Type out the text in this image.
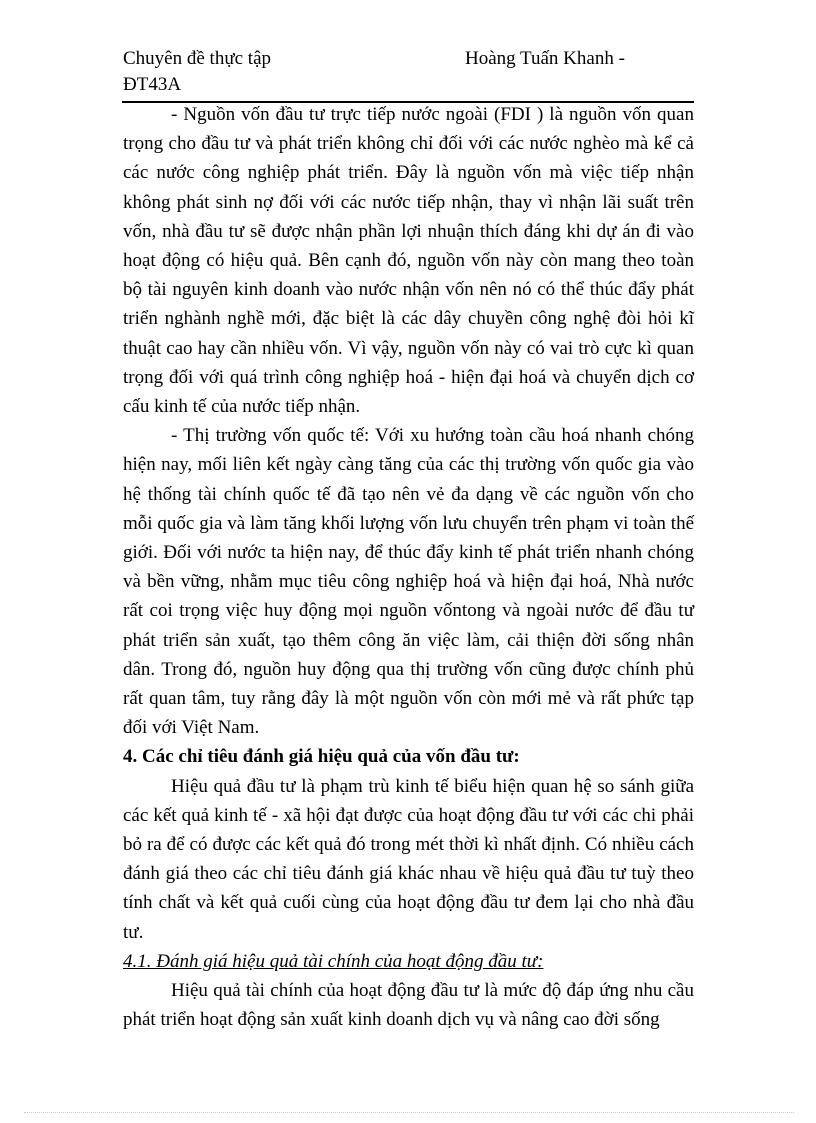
Chuyên đề thực tập	Hoàng Tuấn Khanh -
ĐT43A

- Nguồn vốn đầu tư trực tiếp nước ngoài (FDI ) là nguồn vốn quan trọng cho đầu tư và phát triển không chỉ đối với các nước nghèo mà kể cả các nước công nghiệp phát triển. Đây là nguồn vốn mà việc tiếp nhận không phát sinh nợ đối với các nước tiếp nhận, thay vì nhận lãi suất trên vốn, nhà đầu tư sẽ được nhận phần lợi nhuận thích đáng khi dự án đi vào hoạt động có hiệu quả. Bên cạnh đó, nguồn vốn này còn mang theo toàn bộ tài nguyên kinh doanh vào nước nhận vốn nên nó có thể thúc đẩy phát triển nghành nghề mới, đặc biệt là các dây chuyền công nghệ đòi hỏi kĩ thuật cao hay cần nhiều vốn. Vì vậy, nguồn vốn này có vai trò cực kì quan trọng đối với quá trình công nghiệp hoá - hiện đại hoá và chuyển dịch cơ cấu kinh tế của nước tiếp nhận.

- Thị trường vốn quốc tế: Với xu hướng toàn cầu hoá nhanh chóng hiện nay, mối liên kết ngày càng tăng của các thị trường vốn quốc gia vào hệ thống tài chính quốc tế đã tạo nên vẻ đa dạng về các nguồn vốn cho mỗi quốc gia và làm tăng khối lượng vốn lưu chuyển trên phạm vi toàn thế giới. Đối với nước ta hiện nay, để thúc đẩy kinh tế phát triển nhanh chóng và bền vững, nhằm mục tiêu công nghiệp hoá và hiện đại hoá, Nhà nước rất coi trọng việc huy động mọi nguồn vốntong và ngoài nước để đầu tư phát triển sản xuất, tạo thêm công ăn việc làm, cải thiện đời sống nhân dân. Trong đó, nguồn huy động qua thị trường vốn cũng được chính phủ rất quan tâm, tuy rằng đây là một nguồn vốn còn mới mẻ và rất phức tạp đối với Việt Nam.

4. Các chỉ tiêu đánh giá hiệu quả của vốn đầu tư:

Hiệu quả đầu tư là phạm trù kinh tế biểu hiện quan hệ so sánh giữa các kết quả kinh tế - xã hội đạt được của hoạt động đầu tư với các chi phải bỏ ra để có được các kết quả đó trong mét thời kì nhất định. Có nhiều cách đánh giá theo các chỉ tiêu đánh giá khác nhau về hiệu quả đầu tư tuỳ theo tính chất và kết quả cuối cùng của hoạt động đầu tư đem lại cho nhà đầu tư.

4.1. Đánh giá hiệu quả tài chính của hoạt động đầu tư:

Hiệu quả tài chính của hoạt động đầu tư là mức độ đáp ứng nhu cầu phát triển hoạt động sản xuất kinh doanh dịch vụ và nâng cao đời sống
